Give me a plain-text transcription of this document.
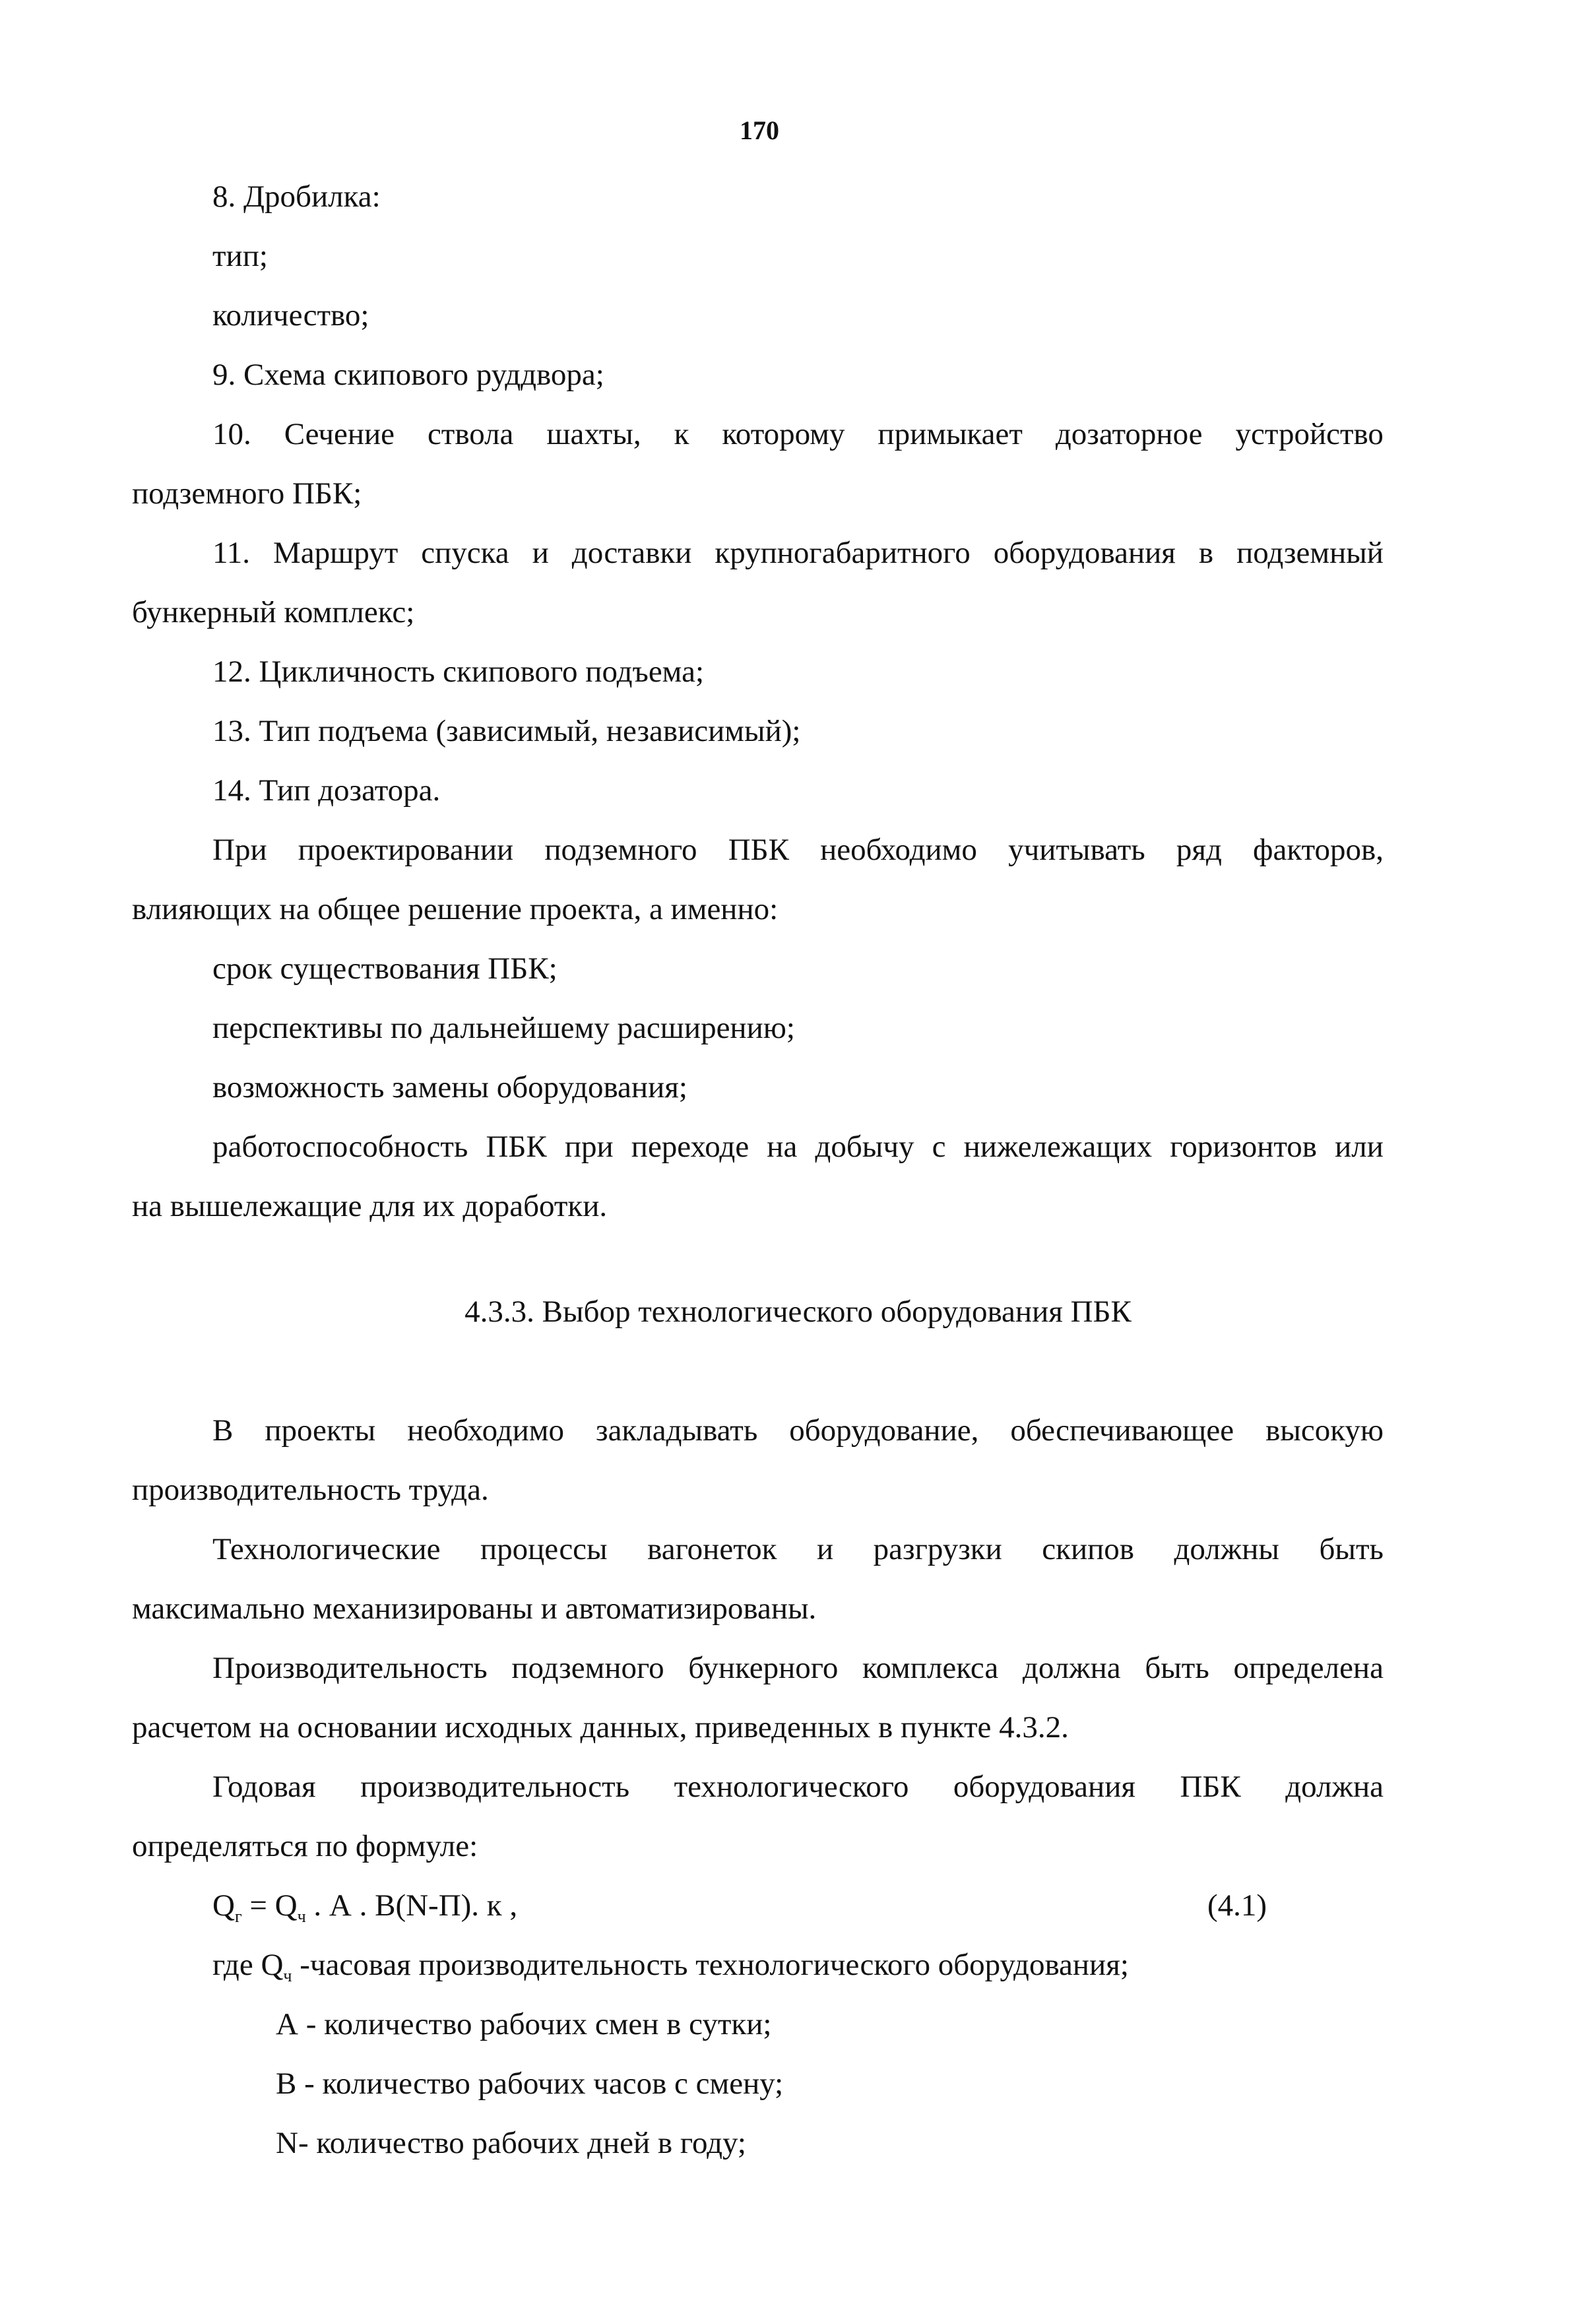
170
8. Дробилка:
тип;
количество;
9. Схема скипового руддвора;
10. Сечение ствола шахты, к которому примыкает дозаторное устройство
подземного ПБК;
11. Маршрут спуска и доставки крупногабаритного оборудования в подземный
бункерный комплекс;
12. Цикличность скипового подъема;
13. Тип подъема (зависимый, независимый);
14. Тип дозатора.
При проектировании подземного ПБК необходимо учитывать ряд факторов,
влияющих на общее решение проекта, а именно:
срок существования ПБК;
перспективы по дальнейшему расширению;
возможность замены оборудования;
работоспособность ПБК при переходе на добычу с нижележащих горизонтов или
на вышележащие для их доработки.
4.3.3. Выбор технологического оборудования ПБК
В проекты необходимо закладывать оборудование, обеспечивающее высокую
производительность труда.
Технологические процессы вагонеток и разгрузки скипов должны быть
максимально механизированы и автоматизированы.
Производительность подземного бункерного комплекса должна быть определена
расчетом на основании исходных данных, приведенных в пункте 4.3.2.
Годовая производительность технологического оборудования ПБК должна
определяться по формуле:
$Q_г = Q_ч$ . А . В(N-П). к ,	(4.1)
где $Q_ч$ -часовая производительность технологического оборудования;
А - количество рабочих смен в сутки;
В - количество рабочих часов с смену;
N- количество рабочих дней в году;
